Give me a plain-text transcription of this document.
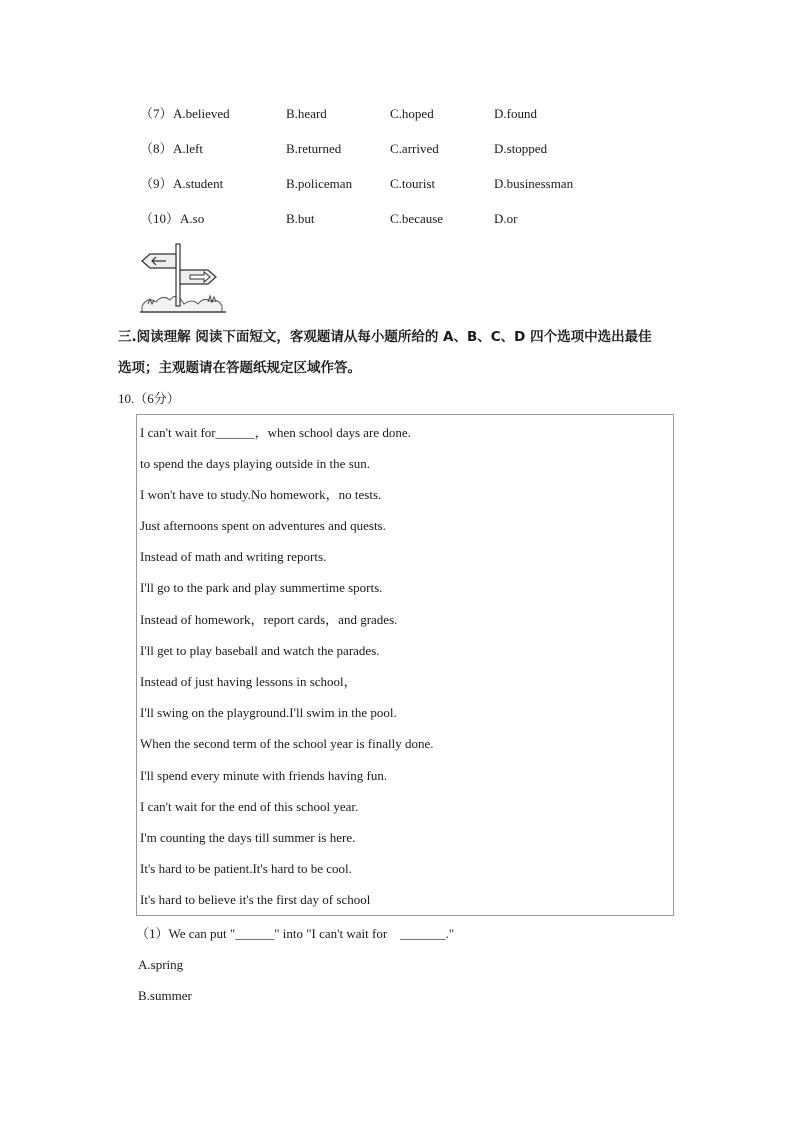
（7） A.believed	B.heard	C.hoped	D.found
（8） A.left	B.returned	C.arrived	D.stopped
（9） A.student	B.policeman	C.tourist	D.businessman
（10） A.so	B.but	C.because	D.or
三.阅读理解 阅读下面短文，客观题请从每小题所给的 A、B、C、D 四个选项中选出最佳
选项；主观题请在答题纸规定区域作答。
10.（6分）
I can't wait for______，when school days are done.
to spend the days playing outside in the sun.
I won't have to study.No homework，no tests.
Just afternoons spent on adventures and quests.
Instead of math and writing reports.
I'll go to the park and play summertime sports.
Instead of homework，report cards，and grades.
I'll get to play baseball and watch the parades.
Instead of just having lessons in school，
I'll swing on the playground.I'll swim in the pool.
When the second term of the school year is finally done.
I'll spend every minute with friends having fun.
I can't wait for the end of this school year.
I'm counting the days till summer is here.
It's hard to be patient.It's hard to be cool.
It's hard to believe it's the first day of school
（1）We can put "______" into "I can't wait for    _______."
A.spring
B.summer
